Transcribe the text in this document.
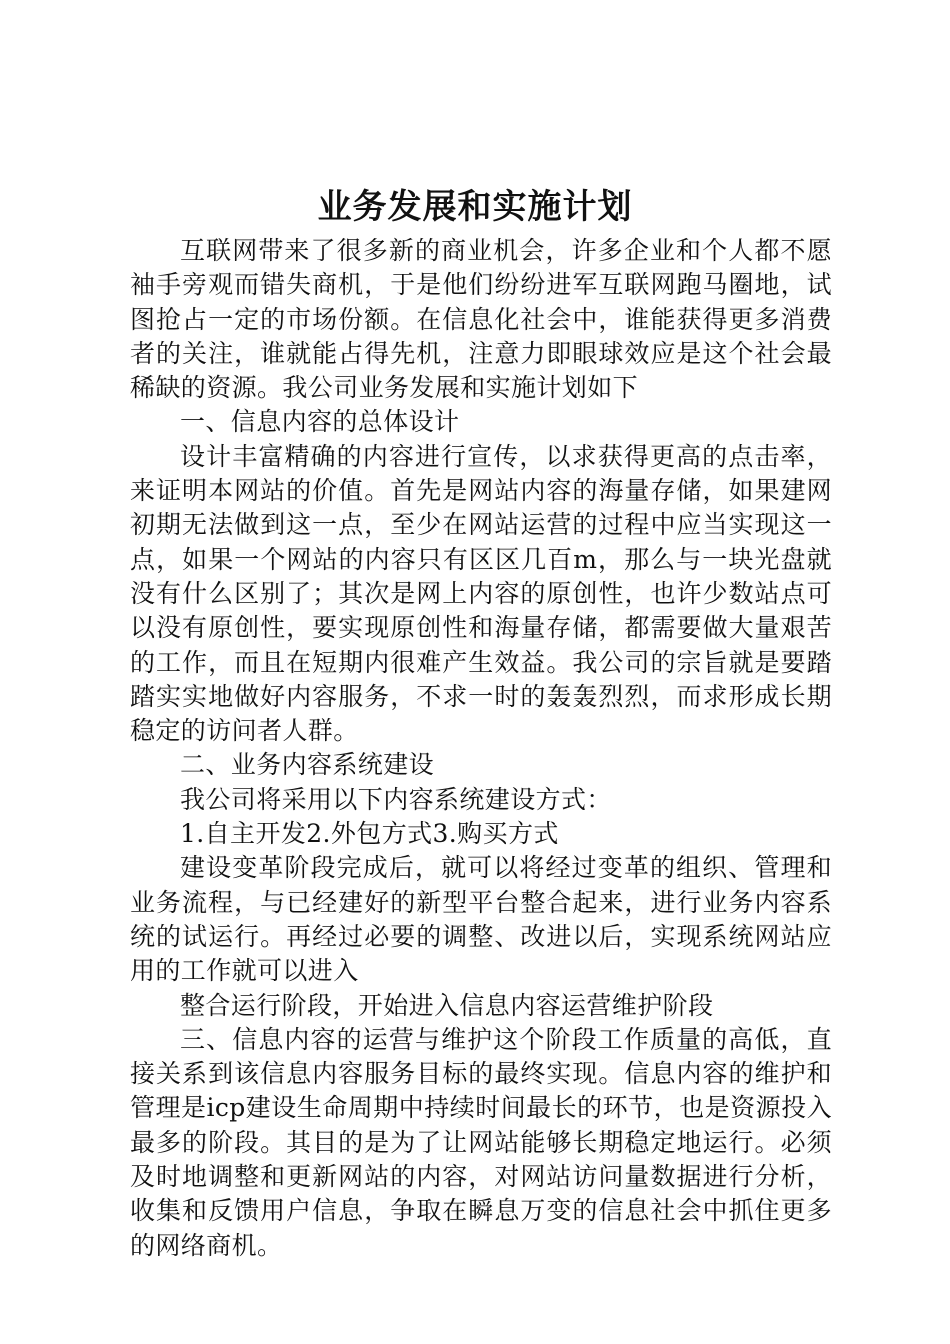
业务发展和实施计划

互联网带来了很多新的商业机会，许多企业和个人都不愿袖手旁观而错失商机，于是他们纷纷进军互联网跑马圈地，试图抢占一定的市场份额。在信息化社会中，谁能获得更多消费者的关注，谁就能占得先机，注意力即眼球效应是这个社会最稀缺的资源。我公司业务发展和实施计划如下

一、信息内容的总体设计

设计丰富精确的内容进行宣传，以求获得更高的点击率，来证明本网站的价值。首先是网站内容的海量存储，如果建网初期无法做到这一点，至少在网站运营的过程中应当实现这一点，如果一个网站的内容只有区区几百m，那么与一块光盘就没有什么区别了；其次是网上内容的原创性，也许少数站点可以没有原创性，要实现原创性和海量存储，都需要做大量艰苦的工作，而且在短期内很难产生效益。我公司的宗旨就是要踏踏实实地做好内容服务，不求一时的轰轰烈烈，而求形成长期稳定的访问者人群。

二、业务内容系统建设

我公司将采用以下内容系统建设方式：

1.自主开发2.外包方式3.购买方式

建设变革阶段完成后，就可以将经过变革的组织、管理和业务流程，与已经建好的新型平台整合起来，进行业务内容系统的试运行。再经过必要的调整、改进以后，实现系统网站应用的工作就可以进入

整合运行阶段，开始进入信息内容运营维护阶段

三、信息内容的运营与维护这个阶段工作质量的高低，直接关系到该信息内容服务目标的最终实现。信息内容的维护和管理是icp建设生命周期中持续时间最长的环节，也是资源投入最多的阶段。其目的是为了让网站能够长期稳定地运行。必须及时地调整和更新网站的内容，对网站访问量数据进行分析，收集和反馈用户信息，争取在瞬息万变的信息社会中抓住更多的网络商机。
